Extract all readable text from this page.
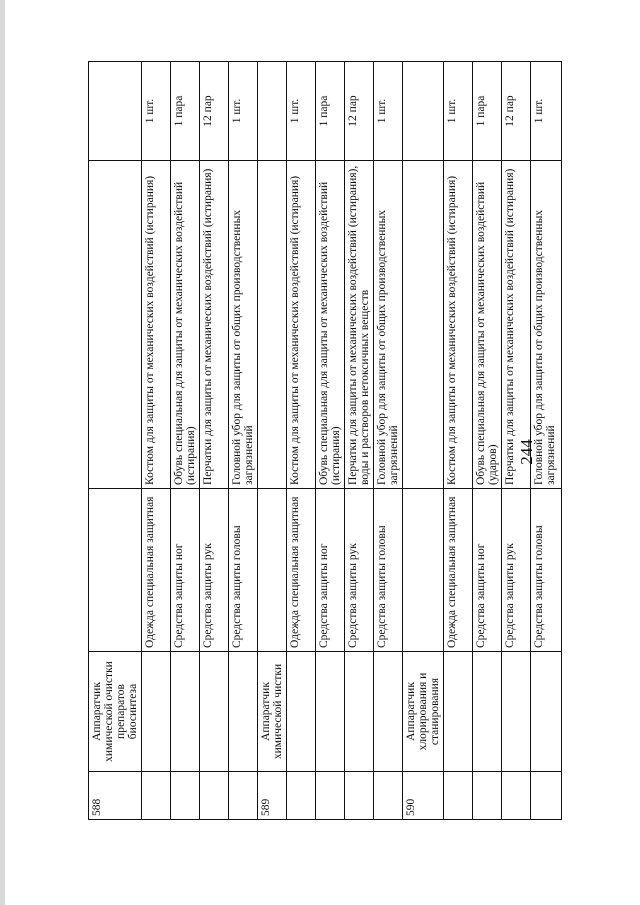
244
588	Аппаратчик химической очистки препаратов биосинтеза			
		Одежда специальная защитная	Костюм для защиты от механических воздействий (истирания)	1 шт.
		Средства защиты ног	Обувь специальная для защиты от механических воздействий (истирания)	1 пара
		Средства защиты рук	Перчатки для защиты от механических воздействий (истирания)	12 пар
		Средства защиты головы	Головной убор для защиты от общих производственных загрязнений	1 шт.
589	Аппаратчик химической чистки			
		Одежда специальная защитная	Костюм для защиты от механических воздействий (истирания)	1 шт.
		Средства защиты ног	Обувь специальная для защиты от механических воздействий (истирания)	1 пара
		Средства защиты рук	Перчатки для защиты от механических воздействий (истирания), воды и растворов нетоксичных веществ	12 пар
		Средства защиты головы	Головной убор для защиты от общих производственных загрязнений	1 шт.
590	Аппаратчик хлорирования и станирования			
		Одежда специальная защитная	Костюм для защиты от механических воздействий (истирания)	1 шт.
		Средства защиты ног	Обувь специальная для защиты от механических воздействий (ударов)	1 пара
		Средства защиты рук	Перчатки для защиты от механических воздействий (истирания)	12 пар
		Средства защиты головы	Головной убор для защиты от общих производственных загрязнений	1 шт.
